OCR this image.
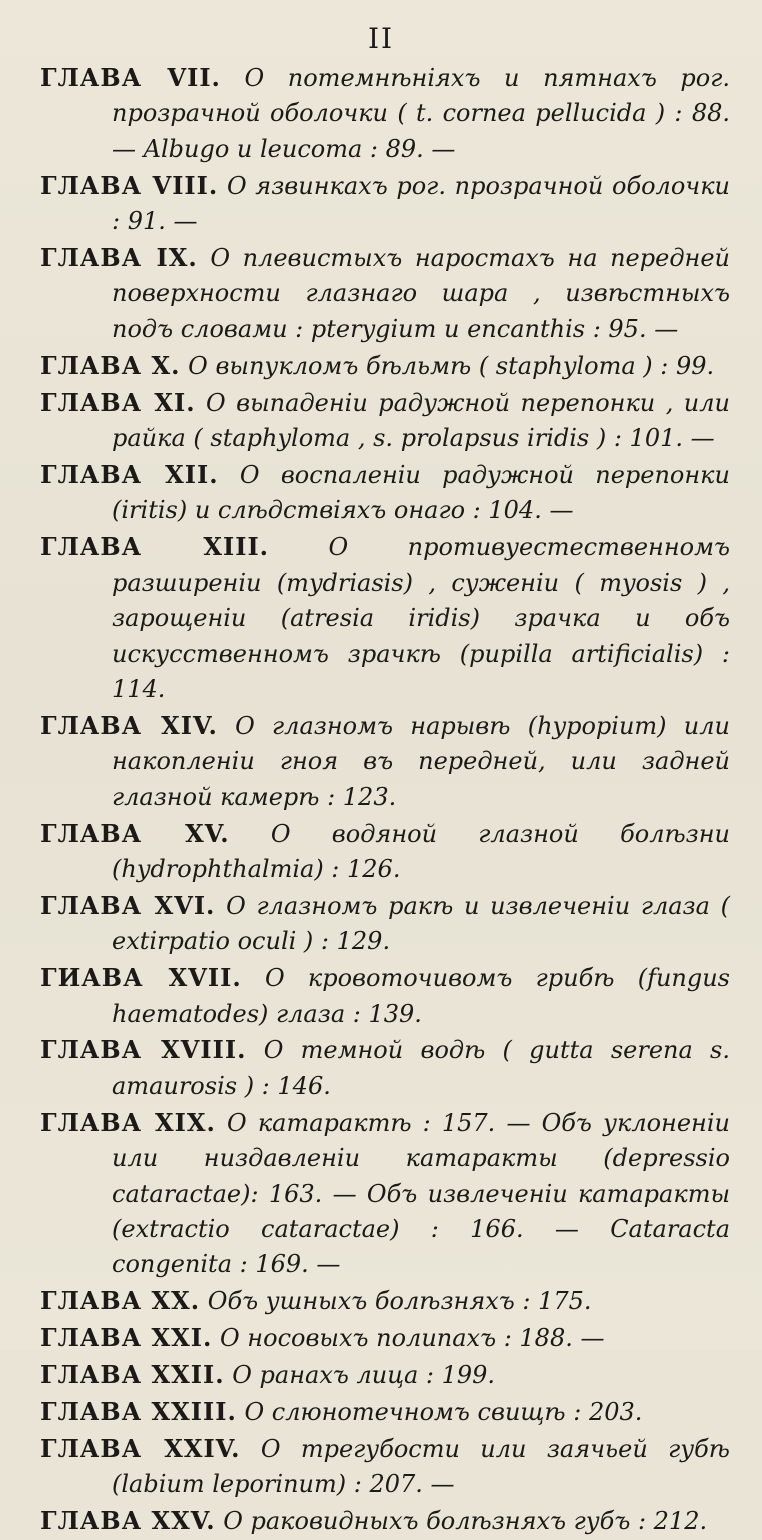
II

ГЛАВА VII. О потемнѣніяхъ и пятнахъ рог. прозрачной оболочки ( t. cornea pellucida ) : 88. — Albugo и leucoma : 89. —

ГЛАВА VIII. О язвинкахъ рог. прозрачной оболочки : 91. —

ГЛАВА IX. О плевистыхъ наростахъ на передней поверхности глазнаго шара , извѣстныхъ подъ словами : pterygium и encanthis : 95. —

ГЛАВА X. О выпукломъ бѣльмѣ ( staphyloma ) : 99.

ГЛАВА XI. О выпаденіи радужной перепонки , или райка ( staphyloma , s. prolapsus iridis ) : 101. —

ГЛАВА XII. О воспаленіи радужной перепонки (iritis) и слѣдствіяхъ онаго : 104. —

ГЛАВА XIII. О противуестественномъ разширеніи (mydriasis) , суженіи ( myosis ) , зарощеніи (atresia iridis) зрачка и объ искусственномъ зрачкѣ (pupilla artificialis) : 114.

ГЛАВА XIV. О глазномъ нарывѣ (hypopium) или накопленіи гноя въ передней, или задней глазной камерѣ : 123.

ГЛАВА XV. О водяной глазной болѣзни (hydrophthalmia) : 126.

ГЛАВА XVI. О глазномъ ракѣ и извлеченіи глаза ( extirpatio oculi ) : 129.

ГИАВА XVII. О кровоточивомъ грибѣ (fungus haematodes) глаза : 139.

ГЛАВА XVIII. О темной водѣ ( gutta serena s. amaurosis ) : 146.

ГЛАВА XIX. О катарактѣ : 157. — Объ уклоненіи или низдавленіи катаракты (depressio cataractae): 163. — Объ извлеченіи катаракты (extractio cataractae) : 166. — Cataracta congenita : 169. —

ГЛАВА XX. Объ ушныхъ болѣзняхъ : 175.

ГЛАВА XXI. О носовыхъ полипахъ : 188. —

ГЛАВА XXII. О ранахъ лица : 199.

ГЛАВА XXIII. О слюнотечномъ свищѣ : 203.

ГЛАВА XXIV. О трегубости или заячьей губѣ (labium leporinum) : 207. —

ГЛАВА XXV. О раковидныхъ болѣзняхъ губъ : 212.
